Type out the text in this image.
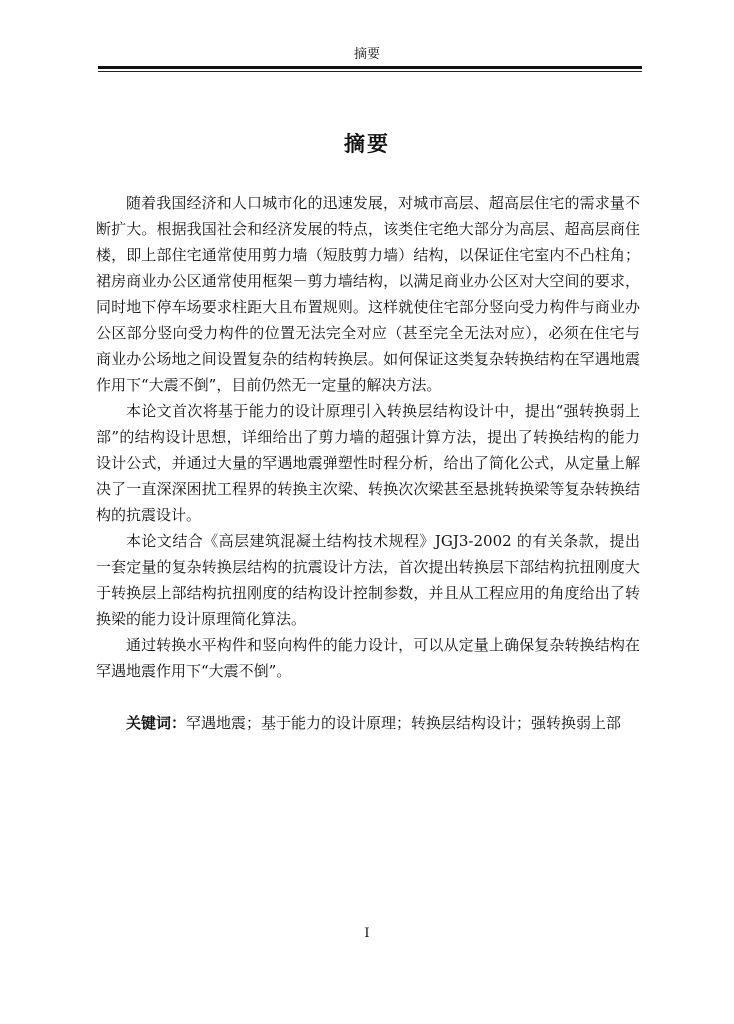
摘要
摘要

随着我国经济和人口城市化的迅速发展，对城市高层、超高层住宅的需求量不断扩大。根据我国社会和经济发展的特点，该类住宅绝大部分为高层、超高层商住楼，即上部住宅通常使用剪力墙（短肢剪力墙）结构，以保证住宅室内不凸柱角；裙房商业办公区通常使用框架－剪力墙结构，以满足商业办公区对大空间的要求，同时地下停车场要求柱距大且布置规则。这样就使住宅部分竖向受力构件与商业办公区部分竖向受力构件的位置无法完全对应（甚至完全无法对应），必须在住宅与商业办公场地之间设置复杂的结构转换层。如何保证这类复杂转换结构在罕遇地震作用下“大震不倒”，目前仍然无一定量的解决方法。

本论文首次将基于能力的设计原理引入转换层结构设计中，提出“强转换弱上部”的结构设计思想，详细给出了剪力墙的超强计算方法，提出了转换结构的能力设计公式，并通过大量的罕遇地震弹塑性时程分析，给出了简化公式，从定量上解决了一直深深困扰工程界的转换主次梁、转换次次梁甚至悬挑转换梁等复杂转换结构的抗震设计。

本论文结合《高层建筑混凝土结构技术规程》JGJ3-2002 的有关条款，提出一套定量的复杂转换层结构的抗震设计方法，首次提出转换层下部结构抗扭刚度大于转换层上部结构抗扭刚度的结构设计控制参数，并且从工程应用的角度给出了转换梁的能力设计原理简化算法。

通过转换水平构件和竖向构件的能力设计，可以从定量上确保复杂转换结构在罕遇地震作用下“大震不倒”。

关键词：罕遇地震；基于能力的设计原理；转换层结构设计；强转换弱上部

I
